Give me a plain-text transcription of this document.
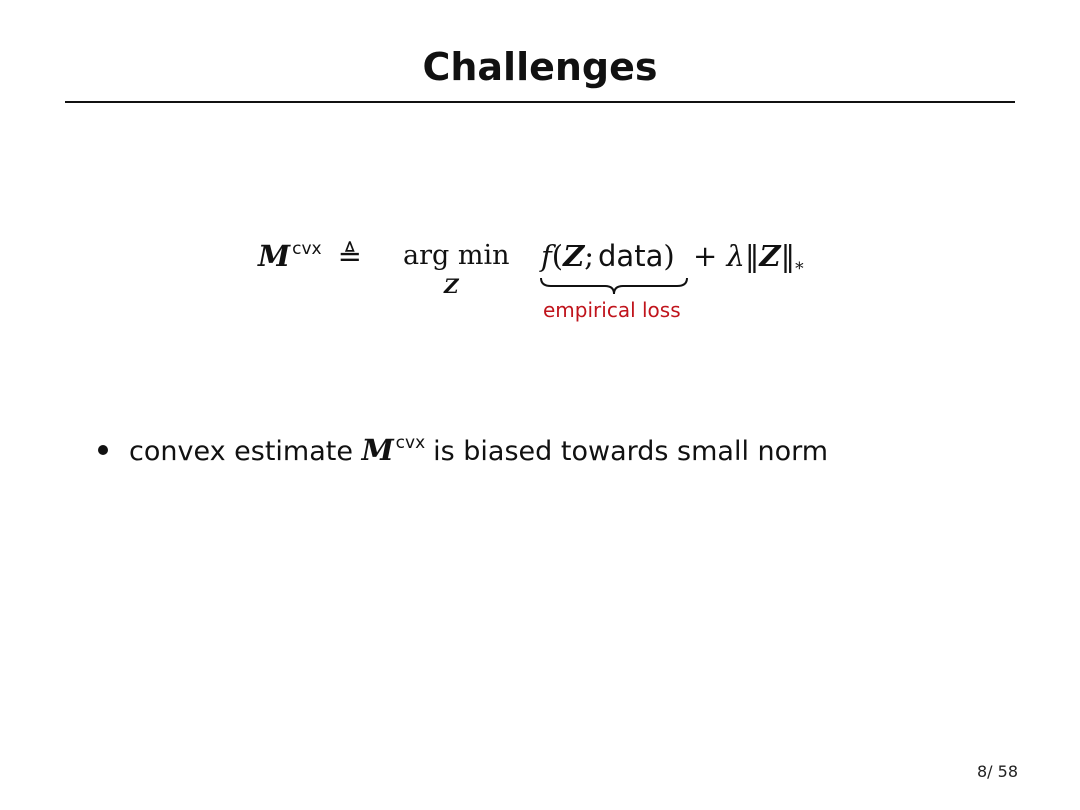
Challenges
M $^{cvx}$ ≜	arg min
Z
f(Z; data)
empirical loss
+ $\lambda‖Z‖_*$
convex estimate M $^{cvx}$ is biased towards small norm
8/ 58
